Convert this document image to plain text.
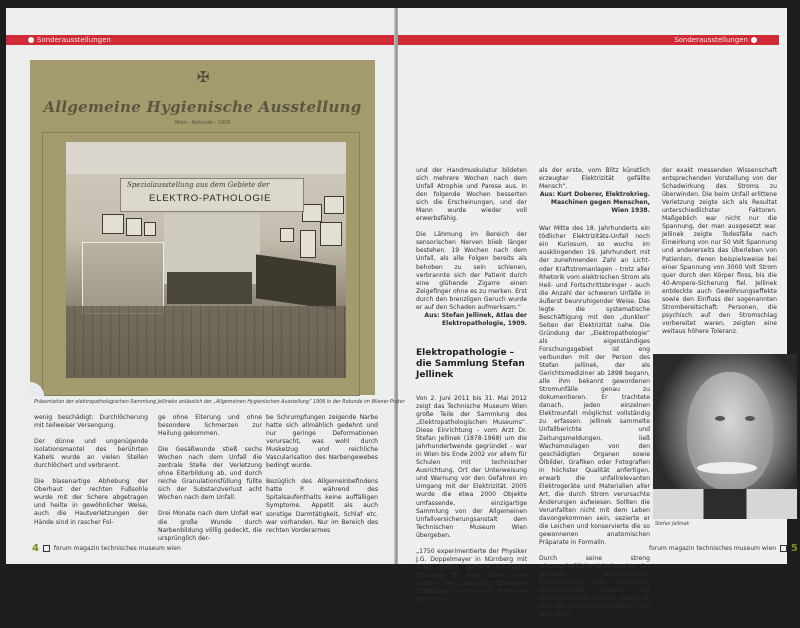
Sonderausstellungen	Sonderausstellungen
✠
Allgemeine Hygienische Ausstellung
Wien - Rotunde - 1906
Spezialausstellung aus dem Gebiete der
ELEKTRO-PATHOLOGIE
Präsentation der elektropathologischen Sammlung Jellineks anlässlich der „Allgemeinen Hygienischen Ausstellung“ 1906 in der Rotunde im Wiener Prater

wenig beschädigt: Durchlöcherung mit teilweiser Versengung.

Der dünne und ungenügende Isolationsmantel des berührten Kabels wurde an vielen Stellen durchlöchert und verbrannt.

Die blasenartige Abhebung der Oberhaut der rechten Fußsohle wurde mit der Schere abgetragen und heilte in gewöhnlicher Weise, auch die Hautverletzungen der Hände sind in rascher Fol-

ge ohne Eiterung und ohne besondere Schmerzen zur Heilung gekommen.

Die Gesäßwunde stieß sechs Wochen nach dem Unfall die zentrale Stelle der Verletzung ohne Eiterbildung ab, und durch reiche Granulationsfüllung füllte sich der Substanzverlust acht Wochen nach dem Unfall.

Drei Monate nach dem Unfall war die große Wunde durch Narbenbildung völlig gedeckt, die ursprünglich der-

be Schrumpfungen zeigende Narbe hatte sich allmählich gedehnt und nur geringe Deformationen verursacht, was wohl durch Muskelzug und reichliche Vascularisation des Narbengewebes bedingt wurde.

Bezüglich des Allgemeinbefindens hatte P. während des Spitalsaufenthalts keine auffälligen Symptome. Appetit als auch sonstige Darmtätigkeit, Schlaf etc. war vorhanden. Nur im Bereich des rechten Vorderarmes

4 forum magazin technisches museum wien

und der Handmuskulatur bildeten sich mehrere Wochen nach dem Unfall Atrophie und Parese aus. In den folgende Wochen besserten sich die Erscheinungen, und der Mann wurde wieder voll erwerbsfähig.

Die Lähmung im Bereich der sensorischen Nerven blieb länger bestehen. 19 Wochen nach dem Unfall, als alle Folgen bereits als behoben zu sein schienen, verbrannte sich der Patient durch eine glühende Zigarre einen Zeigefinger ohne es zu merken. Erst durch den brenzligen Geruch wurde er auf den Schaden aufmerksam.“

Aus: Stefan Jellinek, Atlas der Elektropathologie, 1909.

Elektropathologie – die Sammlung Stefan Jellinek

Von 2. Juni 2011 bis 31. Mai 2012 zeigt das Technische Museum Wien große Teile der Sammlung des „Elektropathologischen Museums“. Diese Einrichtung - vom Arzt Dr. Stefan Jellinek (1878-1968) um die Jahrhundertwende gegründet - war in Wien bis Ende 2002 vor allem für Schulen mit technischer Ausrichtung, Ort der Unterweisung und Warnung vor den Gefahren im Umgang mit der Elektrizität. 2005 wurde die etwa 2000 Objekte umfassende, einzigartige Sammlung von der Allgemeinen Unfallversicherungsanstalt dem Technischen Museum Wien übergeben.

„1750 experimentierte der Physiker J.G. Doppelmayer in Nürnberg mit einer großen Batterie Leydener-Flaschen. Er kam dabei dem System der Spannung führenden Drahtbügel zu nahe und - starb den Elektrotod

als der erste, vom Blitz künstlich erzeugter Elektrizität gefällte Mensch“.

Aus: Kurt Doberer, Elektrokrieg. Maschinen gegen Menschen, Wien 1938.

War Mitte des 18. Jahrhunderts ein tödlicher Elektrizitäts-Unfall noch ein Kuriosum, so wuchs im ausklingenden 19. Jahrhundert mit der zunehmenden Zahl an Licht- oder Kraftstromanlagen - trotz aller Rhetorik vom elektrischen Strom als Heil- und Fortschrittsbringer - auch die Anzahl der schweren Unfälle in äußerst beunruhigender Weise. Das legte die systematische Beschäftigung mit den „dunklen“ Seiten der Elektrizität nahe. Die Gründung der „Elektropathologie“ als eigenständiges Forschungsgebiet ist eng verbunden mit der Person des Stefan Jellinek, der als Gerichtsmediziner ab 1898 begann, alle ihm bekannt gewordenen Stromunfälle genau zu dokumentieren. Er trachtete danach, jeden einzelnen Elektrounfall möglichst vollständig zu erfassen. Jellinek sammelte Unfallberichte und Zeitungsmeldungen, ließ Wachsmoulagen von den geschädigten Organen sowie Ölbilder, Grafiken oder Fotografien in höchster Qualität anfertigen, erwarb die unfallrelevanten Elektrogeräte und Materialien aller Art, die durch Strom verursachte Änderungen aufwiesen. Sollten die Verunfallten nicht mit dem Leben davongekommen sein, sezierte er die Leichen und konservierte die so gewonnenen anatomischen Präparate in Formalin.

Durch seine streng wissenschaftliche Arbeitsweise, der genauen vergleichenden Untersuchung von hunderten Elektrounfällen, gepaart mit experimentellen Studien, gelang es ihm, die damals eher einfachen und dem Ideal

der exakt messenden Wissenschaft entsprechenden Vorstellung von der Schadwirkung des Stroms zu überwinden. Die beim Unfall erlittene Verletzung zeigte sich als Resultat unterschiedlichster Faktoren. Maßgeblich war nicht nur die Spannung, der man ausgesetzt war. Jellinek zeigte Todesfälle nach Einwirkung von nur 50 Volt Spannung und andererseits das Überleben von Patienten, denen beispielsweise bei einer Spannung von 3000 Volt Strom quer durch den Körper floss, bis die 40-Ampere-Sicherung fiel. Jellinek entdeckte auch Gewöhnungseffekte sowie den Einfluss der sogenannten Strombereitschaft: Personen, die psychisch auf den Stromschlag vorbereitet waren, zeigten eine weitaus höhere Toleranz.

Stefan Jellinek
forum magazin technisches museum wien 5
